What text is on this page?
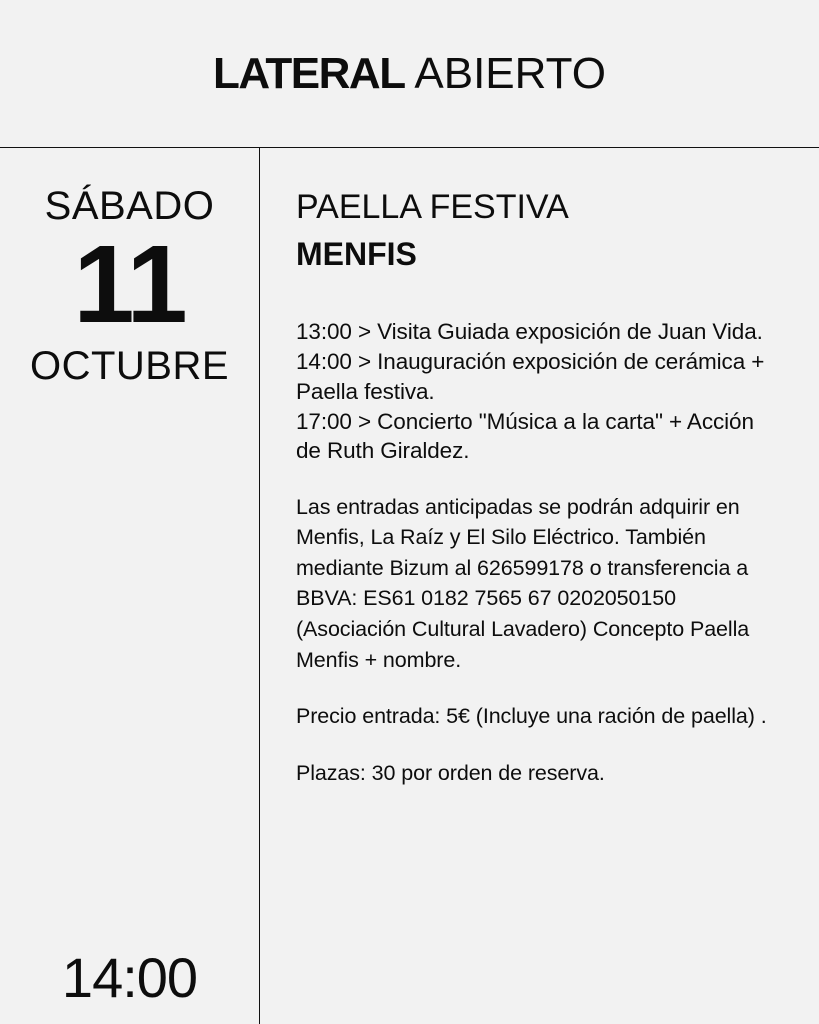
LATERAL ABIERTO
SÁBADO
11
OCTUBRE
14:00
PAELLA FESTIVA
MENFIS
13:00 > Visita Guiada exposición de Juan Vida.
14:00 > Inauguración exposición de cerámica + Paella festiva.
17:00 > Concierto "Música a la carta" + Acción de Ruth Giraldez.

Las entradas anticipadas se podrán adquirir en Menfis, La Raíz y El Silo Eléctrico. También mediante Bizum al 626599178 o transferencia a BBVA: ES61 0182 7565 67 0202050150 (Asociación Cultural Lavadero) Concepto Paella Menfis + nombre.

Precio entrada: 5€ (Incluye una ración de paella) .

Plazas: 30 por orden de reserva.
